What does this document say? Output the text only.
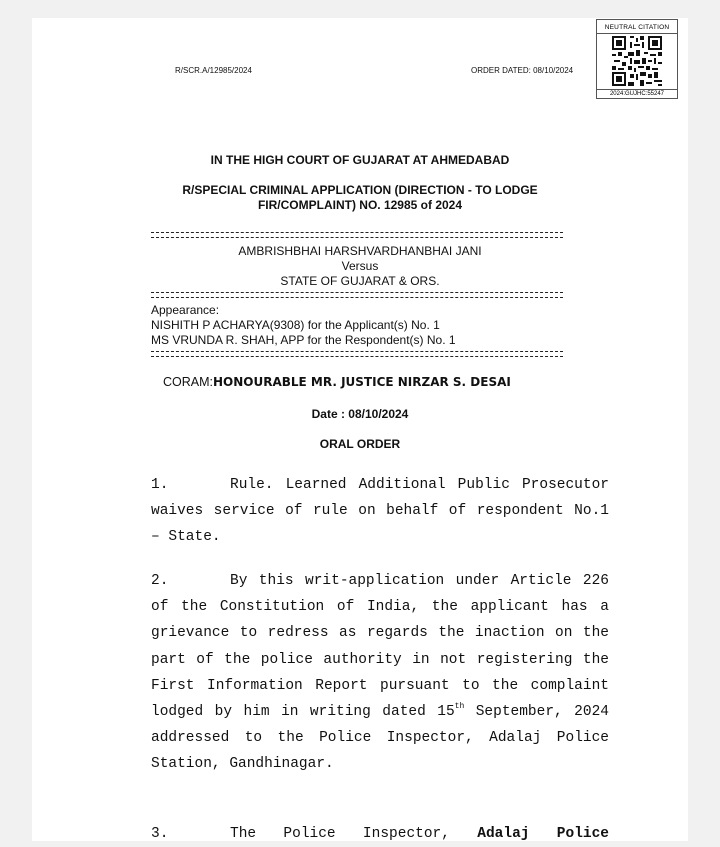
R/SCR.A/12985/2024	ORDER DATED: 08/10/2024
NEUTRAL CITATION
2024:GUJHC:55247
IN THE HIGH COURT OF GUJARAT AT AHMEDABAD
R/SPECIAL CRIMINAL APPLICATION (DIRECTION - TO LODGE
FIR/COMPLAINT) NO. 12985 of 2024
AMBRISHBHAI HARSHVARDHANBHAI JANI
Versus
STATE OF GUJARAT & ORS.
Appearance:
NISHITH P ACHARYA(9308) for the Applicant(s) No. 1
MS VRUNDA R. SHAH, APP for the Respondent(s) No. 1
CORAM:HONOURABLE MR. JUSTICE NIRZAR S. DESAI
Date : 08/10/2024
ORAL ORDER

1.	Rule. Learned Additional Public Prosecutor waives service of rule on behalf of respondent No.1 – State.

2.	By this writ-application under Article 226 of the Constitution of India, the applicant has a grievance to redress as regards the inaction on the part of the police authority in not registering the First Information Report pursuant to the complaint lodged by him in writing dated 15th September, 2024 addressed to the Police Inspector, Adalaj Police Station, Gandhinagar.

3.	The Police Inspector, Adalaj Police
